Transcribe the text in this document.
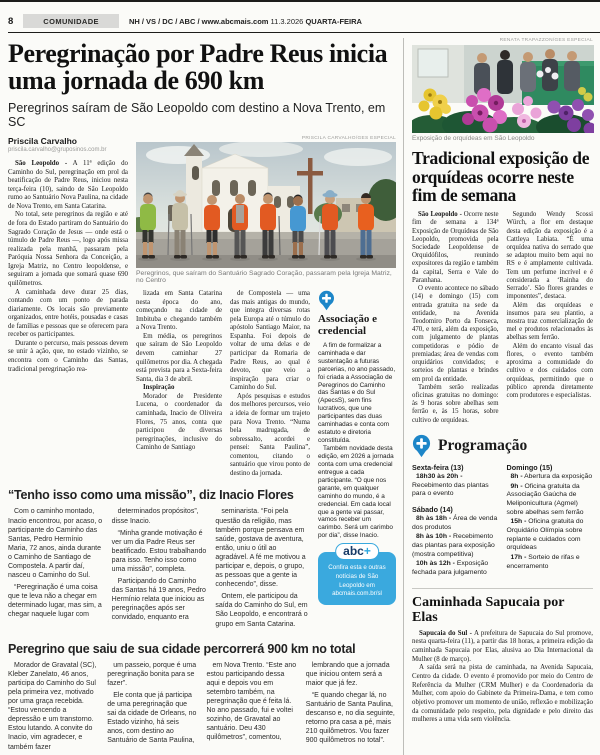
8	COMUNIDADE	NH / VS / DC / ABC / www.abcmais.com 11.3.2026 QUARTA-FEIRA
Peregrinação por Padre Reus inicia uma jornada de 690 km

Peregrinos saíram de São Leopoldo com destino a Nova Trento, em SC

Priscila Carvalho
priscila.carvalho@gruposinos.com.br

São Leopoldo - A 11ª edição do Caminho do Sul, peregrinação em prol da beatificação de Padre Reus, iniciou nesta terça-feira (10), saindo de São Leopoldo rumo ao Santuário Nova Paulina, na cidade de Nova Trento, em Santa Catarina.

No total, sete peregrinos da região e até de fora do Estado partiram do Santuário do Sagrado Coração de Jesus — onde está o túmulo de Padre Reus —, logo após missa realizada pela manhã, passaram pela Paróquia Nossa Senhora da Conceição, a Igreja Matriz, no Centro leopoldense, e seguiram a jornada que somará quase 690 quilômetros.

A caminhada deve durar 25 dias, contando com um ponto de parada diariamente. Os locais são previamente organizados, entre hotéis, pousadas e casas de famílias e pessoas que se oferecem para receber os participantes.

Durante o percurso, mais pessoas devem se unir à ação, que, no estado vizinho, se encontra com o Caminho das Santas, tradicional peregrinação rea-

PRISCILA CARVALHO/GES ESPECIAL
Peregrinos, que saíram do Santuário Sagrado Coração, passaram pela Igreja Matriz, no Centro

lizada em Santa Catarina nesta época do ano, começando na cidade de Imbituba e chegando também a Nova Trento.

Em média, os peregrinos que saíram de São Leopoldo devem caminhar 27 quilômetros por dia. A chegada está prevista para a Sexta-feira Santa, dia 3 de abril.

Inspiração

Morador de Presidente Lucena, o coordenador da caminhada, Inacio de Oliveira Flores, 75 anos, conta que participou de diversas peregrinações, inclusive do Caminho de Santiago

de Compostela — uma das mais antigas do mundo, que integra diversas rotas pela Europa até o túmulo do apóstolo Santiago Maior, na Espanha. Foi depois de voltar de uma delas e de participar da Romaria de Padre Reus, ao qual é devoto, que veio a inspiração para criar o Caminho do Sul.

Após pesquisas e estudos dos melhores percursos, veio a ideia de formar um trajeto para Nova Trento. “Numa bela madrugada, de sobressalto, acordei e pensei: Santa Paulina”, comentou, citando o santuário que virou ponto de destino da jornada.

Associação e credencial

A fim de formalizar a caminhada e dar sustentação a futuras parcerias, no ano passado, foi criada a Associação de Peregrinos do Caminho das Santas e do Sul (ApecsS), sem fins lucrativos, que une participantes das duas caminhadas e conta com estatuto e diretoria constituída.

Também novidade desta edição, em 2026 a jornada conta com uma credencial entregue a cada participante. “O que nos garante, em qualquer caminho do mundo, é a credencial. Em cada local que a gente vai passar, vamos receber um carimbo. Será um carimbo por dia”, disse Inacio.

abc+

Confira esta e outras notícias de São Leopoldo em abcmais.com.br/sl

“Tenho isso como uma missão”, diz Inacio Flores

Com o caminho montado, Inacio encontrou, por acaso, o participante do Caminho das Santas, Pedro Hermínio Maria, 72 anos, ainda durante o Caminho de Santiago de Compostela. A partir daí, nasceu o Caminho do Sul.

“Peregrinação é uma coisa que te leva não a chegar em determinado lugar, mas sim, a chegar naquele lugar com

determinados propósitos”, disse Inacio.

“Minha grande motivação é ver um dia Padre Reus ser beatificado. Estou trabalhando para isso. Tenho isso como uma missão”, completa.

Participando do Caminho das Santas há 19 anos, Pedro Hermínio relata que iniciou as peregrinações após ser convidado, enquanto era

seminarista. “Foi pela questão da religião, mas também porque pensava em saúde, gostava de aventura, então, uniu o útil ao agradável. A fé me motivou a participar e, depois, o grupo, as pessoas que a gente ia conhecendo”, disse.

Ontem, ele participou da saída do Caminho do Sul, em São Leopoldo, e encontrará o grupo em Santa Catarina.

Peregrino que saiu de sua cidade percorrerá 900 km no total

Morador de Gravatal (SC), Kleber Zanelato, 46 anos, participa do Caminho do Sul pela primeira vez, motivado por uma graça recebida. “Estou vencendo a depressão e um transtorno. Estou lutando. A convite do Inacio, vim agradecer, e também fazer

um passeio, porque é uma peregrinação bonita para se fazer”.

Ele conta que já participa de uma peregrinação que sai da cidade de Orleans, no Estado vizinho, há seis anos, com destino ao Santuário de Santa Paulina,

em Nova Trento. “Este ano estou participando dessa aqui e depois vou em setembro também, na peregrinação que é feita lá. No ano passado, fui e voltei sozinho, de Gravatal ao santuário. Deu 430 quilômetros”, comentou,

lembrando que a jornada que iniciou ontem será a maior que já fez.

“E quando chegar lá, no Santuário de Santa Paulina, descanso e, no dia seguinte, retorno pra casa a pé, mais 210 quilômetros. Vou fazer 900 quilômetros no total”.

RENATA TRAPAZZON/GES ESPECIAL
Exposição de orquídeas em São Leopoldo
Tradicional exposição de orquídeas ocorre neste fim de semana

São Leopoldo - Ocorre neste fim de semana a 134ª Exposição de Orquídeas de São Leopoldo, promovida pela Sociedade Leopoldense de Orquidófilos, reunindo expositores da região e também da capital, Serra e Vale do Paranhana.

O evento acontece no sábado (14) e domingo (15) com entrada gratuita na sede da entidade, na Avenida Teodomiro Porto da Fonseca, 470, e terá, além da exposição, com julgamento de plantas competidoras e pódio de premiadas; área de vendas com orquidários convidados; e sorteios de plantas e brindes em prol da entidade.

Também serão realizadas oficinas gratuitas no domingo: às 9 horas sobre abelhas sem ferrão e, às 15 horas, sobre cultivo de orquídeas.

Segundo Wendy Scossi Würch, a flor em destaque desta edição da exposição é a Cattleya Labiata. “É uma orquídea nativa do serrado que se adaptou muito bem aqui no RS e é amplamente cultivada. Tem um perfume incrível e é considerada a ‘Rainha do Serrado’. São flores grandes e imponentes”, destaca.

Além das orquídeas e insumos para seu plantio, a mostra traz comercialização de mel e produtos relacionados às abelhas sem ferrão.

Além do encanto visual das flores, o evento também aproxima a comunidade do cultivo e dos cuidados com orquídeas, permitindo que o público aprenda diretamente com produtores e especialistas.

Programação

Sexta-feira (13)

18h30 às 20h - Recebimento das plantas para o evento

Sábado (14)

8h às 18h - Área de venda dos produtos

8h às 10h - Recebimento das plantas para exposição (mostra competitiva)

10h às 12h - Exposição fechada para julgamento

Domingo (15)

8h - Abertura da exposição

9h - Oficina gratuita da Associação Gaúcha de Meliponicultura (Agmel) sobre abelhas sem ferrão

15h - Oficina gratuita do Orquidário Olímpia sobre replante e cuidados com orquídeas

17h - Sorteio de rifas e encerramento

Caminhada Sapucaia por Elas

Sapucaia do Sul - A prefeitura de Sapucaia do Sul promove, nesta quarta-feira (11), a partir das 18 horas, a primeira edição da caminhada Sapucaia por Elas, alusiva ao Dia Internacional da Mulher (8 de março).

A saída será na pista de caminhada, na Avenida Sapucaia, Centro da cidade. O evento é promovido por meio do Centro de Referência da Mulher (CRM Mulher) e da Coordenadoria da Mulher, com apoio do Gabinete da Primeira-Dama, e tem como objetivo promover um momento de união, reflexão e mobilização da comunidade pelo respeito, pela dignidade e pelo direito das mulheres a uma vida sem violência.
